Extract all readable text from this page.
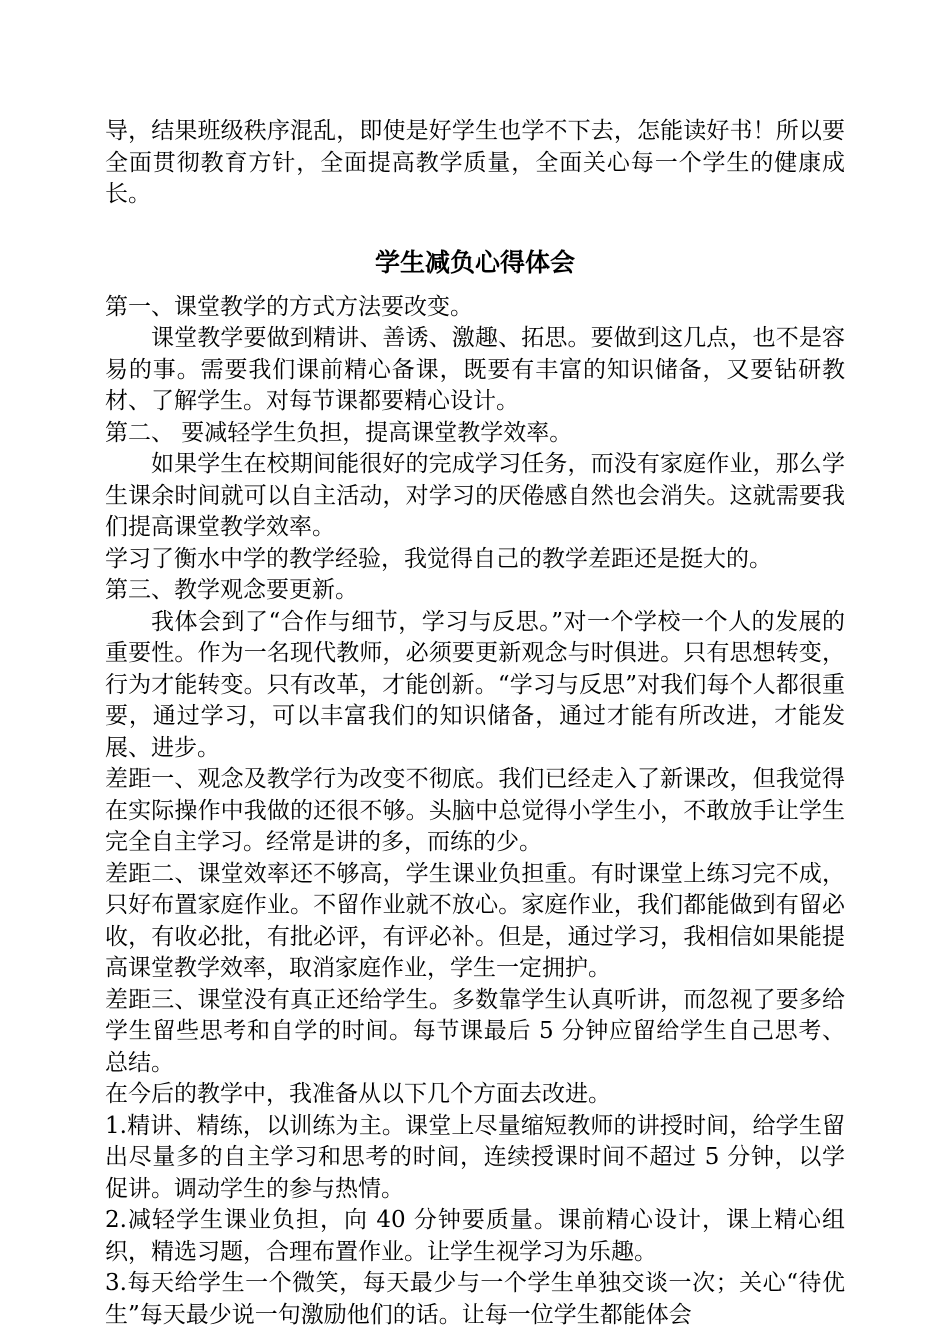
导，结果班级秩序混乱，即使是好学生也学不下去，怎能读好书！所以要全面贯彻教育方针，全面提高教学质量，全面关心每一个学生的健康成长。

学生减负心得体会

第一、课堂教学的方式方法要改变。

课堂教学要做到精讲、善诱、激趣、拓思。要做到这几点，也不是容易的事。需要我们课前精心备课，既要有丰富的知识储备，又要钻研教材、了解学生。对每节课都要精心设计。

第二、 要减轻学生负担，提高课堂教学效率。

如果学生在校期间能很好的完成学习任务，而没有家庭作业，那么学生课余时间就可以自主活动，对学习的厌倦感自然也会消失。这就需要我们提高课堂教学效率。

学习了衡水中学的教学经验，我觉得自己的教学差距还是挺大的。

第三、教学观念要更新。

我体会到了“合作与细节，学习与反思。”对一个学校一个人的发展的重要性。作为一名现代教师，必须要更新观念与时俱进。只有思想转变，行为才能转变。只有改革，才能创新。“学习与反思”对我们每个人都很重要，通过学习，可以丰富我们的知识储备，通过才能有所改进，才能发展、进步。

差距一、观念及教学行为改变不彻底。我们已经走入了新课改，但我觉得在实际操作中我做的还很不够。头脑中总觉得小学生小，不敢放手让学生完全自主学习。经常是讲的多，而练的少。

差距二、课堂效率还不够高，学生课业负担重。有时课堂上练习完不成，只好布置家庭作业。不留作业就不放心。家庭作业，我们都能做到有留必收，有收必批，有批必评，有评必补。但是，通过学习，我相信如果能提高课堂教学效率，取消家庭作业，学生一定拥护。

差距三、课堂没有真正还给学生。多数靠学生认真听讲，而忽视了要多给学生留些思考和自学的时间。每节课最后 5 分钟应留给学生自己思考、总结。

在今后的教学中，我准备从以下几个方面去改进。

1.精讲、精练，以训练为主。课堂上尽量缩短教师的讲授时间，给学生留出尽量多的自主学习和思考的时间，连续授课时间不超过 5 分钟，以学促讲。调动学生的参与热情。

2.减轻学生课业负担，向 40 分钟要质量。课前精心设计，课上精心组织，精选习题，合理布置作业。让学生视学习为乐趣。

3.每天给学生一个微笑，每天最少与一个学生单独交谈一次；关心“待优生”每天最少说一句激励他们的话。让每一位学生都能体会
